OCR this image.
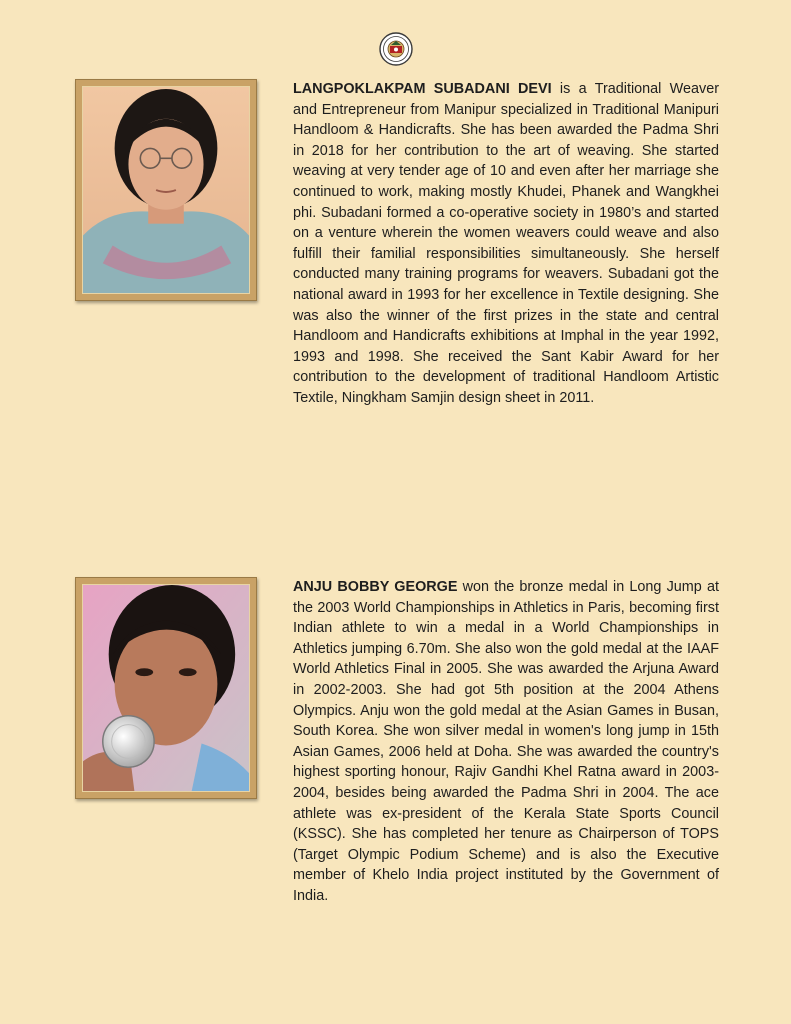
LANGPOKLAKPAM SUBADANI DEVI is a Traditional Weaver and Entrepreneur from Manipur specialized in Traditional Manipuri Handloom & Handicrafts. She has been awarded the Padma Shri in 2018 for her contribution to the art of weaving. She started weaving at very tender age of 10 and even after her marriage she continued to work, making mostly Khudei, Phanek and Wangkhei phi. Subadani formed a co-operative society in 1980’s and started on a venture wherein the women weavers could weave and also fulfill their familial responsibilities simultaneously. She herself conducted many training programs for weavers. Subadani got the national award in 1993 for her excellence in Textile designing. She was also the winner of the first prizes in the state and central Handloom and Handicrafts exhibitions at Imphal in the year 1992, 1993 and 1998. She received the Sant Kabir Award for her contribution to the development of traditional Handloom Artistic Textile, Ningkham Samjin design sheet in 2011.

ANJU BOBBY GEORGE won the bronze medal in Long Jump at the 2003 World Championships in Athletics in Paris, becoming first Indian athlete to win a medal in a World Championships in Athletics jumping 6.70m. She also won the gold medal at the IAAF World Athletics Final in 2005. She was awarded the Arjuna Award in 2002-2003. She had got 5th position at the 2004 Athens Olympics. Anju won the gold medal at the Asian Games in Busan, South Korea. She won silver medal in women's long jump in 15th Asian Games, 2006 held at Doha. She was awarded the country's highest sporting honour, Rajiv Gandhi Khel Ratna award in 2003-2004, besides being awarded the Padma Shri in 2004. The ace athlete was ex-president of the Kerala State Sports Council (KSSC). She has completed her tenure as Chairperson of TOPS (Target Olympic Podium Scheme) and is also the Executive member of Khelo India project instituted by the Government of India.
